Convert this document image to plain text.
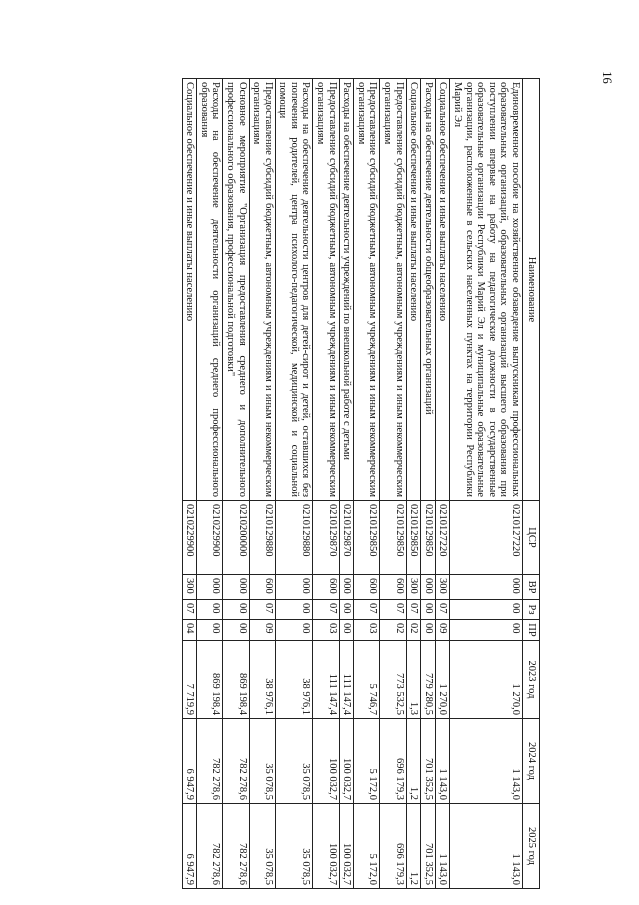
16
Наименование	ЦСР	ВР	Рз	ПР	2023 год	2024 год	2025 год
Единовременное пособие на хозяйственное обзаведение выпускникам профессиональных образовательных организаций, образовательных организаций высшего образования при поступлении впервые на работу на педагогические должности в государственные образовательные организации Республики Марий Эл и муниципальные образовательные организации, расположенные в сельских населенных пунктах на территории Республики Марий Эл	0210127220	000	00	00	1 270,0	1 143,0	1 143,0
Социальное обеспечение и иные выплаты населению	0210127220	300	07	09	1 270,0	1 143,0	1 143,0
Расходы на обеспечение деятельности общеобразовательных организаций	0210129850	000	00	00	779 280,5	701 352,5	701 352,5
Социальное обеспечение и иные выплаты населению	0210129850	300	07	02	1,3	1,2	1,2
Предоставление субсидий бюджетным, автономным учреждениям и иным некоммерческим организациям	0210129850	600	07	02	773 532,5	696 179,3	696 179,3
Предоставление субсидий бюджетным, автономным учреждениям и иным некоммерческим организациям	0210129850	600	07	03	5 746,7	5 172,0	5 172,0
Расходы на обеспечение деятельности учреждений по внешкольной работе с детьми	0210129870	000	00	00	111 147,4	100 032,7	100 032,7
Предоставление субсидий бюджетным, автономным учреждениям и иным некоммерческим организациям	0210129870	600	07	03	111 147,4	100 032,7	100 032,7
Расходы на обеспечение деятельности центров для детей-сирот и детей, оставшихся без попечения родителей, центра психолого-педагогической, медицинской и социальной помощи	0210129880	000	00	00	38 976,1	35 078,5	35 078,5
Предоставление субсидий бюджетным, автономным учреждениям и иным некоммерческим организациям	0210129880	600	07	09	38 976,1	35 078,5	35 078,5
Основное мероприятие "Организация предоставления среднего и дополнительного профессионального образования, профессиональной подготовки"	0210200000	000	00	00	869 198,4	782 278,6	782 278,6
Расходы на обеспечение деятельности организаций среднего профессионального образования	0210229900	000	00	00	869 198,4	782 278,6	782 278,6
Социальное обеспечение и иные выплаты населению	0210229900	300	07	04	7 719,9	6 947,9	6 947,9
